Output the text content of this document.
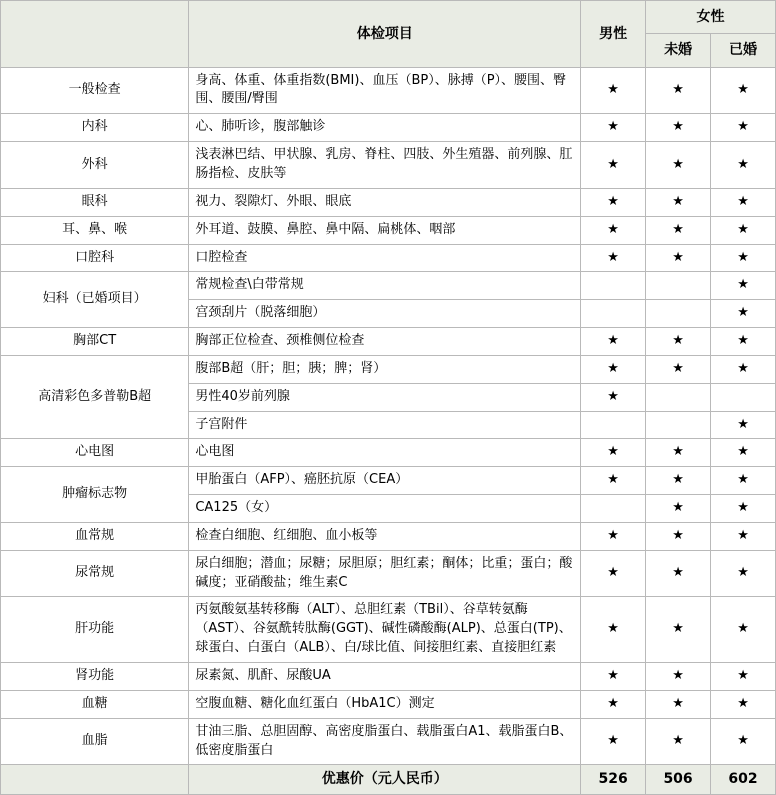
	体检项目	男性	女性	
			未婚	已婚
一般检查	身高、体重、体重指数(BMI)、血压（BP）、脉搏（P）、腰围、臀围、腰围/臀围	★	★	★
内科	心、肺听诊，腹部触诊	★	★	★
外科	浅表淋巴结、甲状腺、乳房、脊柱、四肢、外生殖器、前列腺、肛肠指检、皮肤等	★	★	★
眼科	视力、裂隙灯、外眼、眼底	★	★	★
耳、鼻、喉	外耳道、鼓膜、鼻腔、鼻中隔、扁桃体、咽部	★	★	★
口腔科	口腔检查	★	★	★
妇科（已婚项目）	常规检查\白带常规			★
	宫颈刮片（脱落细胞）			★
胸部CT	胸部正位检查、颈椎侧位检查	★	★	★
高清彩色多普勒B超	腹部B超（肝；胆；胰；脾；肾）	★	★	★
	男性40岁前列腺	★		
	子宫附件			★
心电图	心电图	★	★	★
肿瘤标志物	甲胎蛋白（AFP）、癌胚抗原（CEA）	★	★	★
	CA125（女）		★	★
血常规	检查白细胞、红细胞、血小板等	★	★	★
尿常规	尿白细胞；潜血；尿糖；尿胆原；胆红素；酮体；比重；蛋白；酸碱度；亚硝酸盐；维生素C	★	★	★
肝功能	丙氨酸氨基转移酶（ALT）、总胆红素（TBil）、谷草转氨酶（AST）、谷氨酰转肽酶(GGT)、碱性磷酸酶(ALP)、总蛋白(TP)、球蛋白、白蛋白（ALB）、白/球比值、间接胆红素、直接胆红素	★	★	★
肾功能	尿素氮、肌酐、尿酸UA	★	★	★
血糖	空腹血糖、糖化血红蛋白（HbA1C）测定	★	★	★
血脂	甘油三脂、总胆固醇、高密度脂蛋白、载脂蛋白A1、载脂蛋白B、低密度脂蛋白	★	★	★
	优惠价（元人民币）	526	506	602
